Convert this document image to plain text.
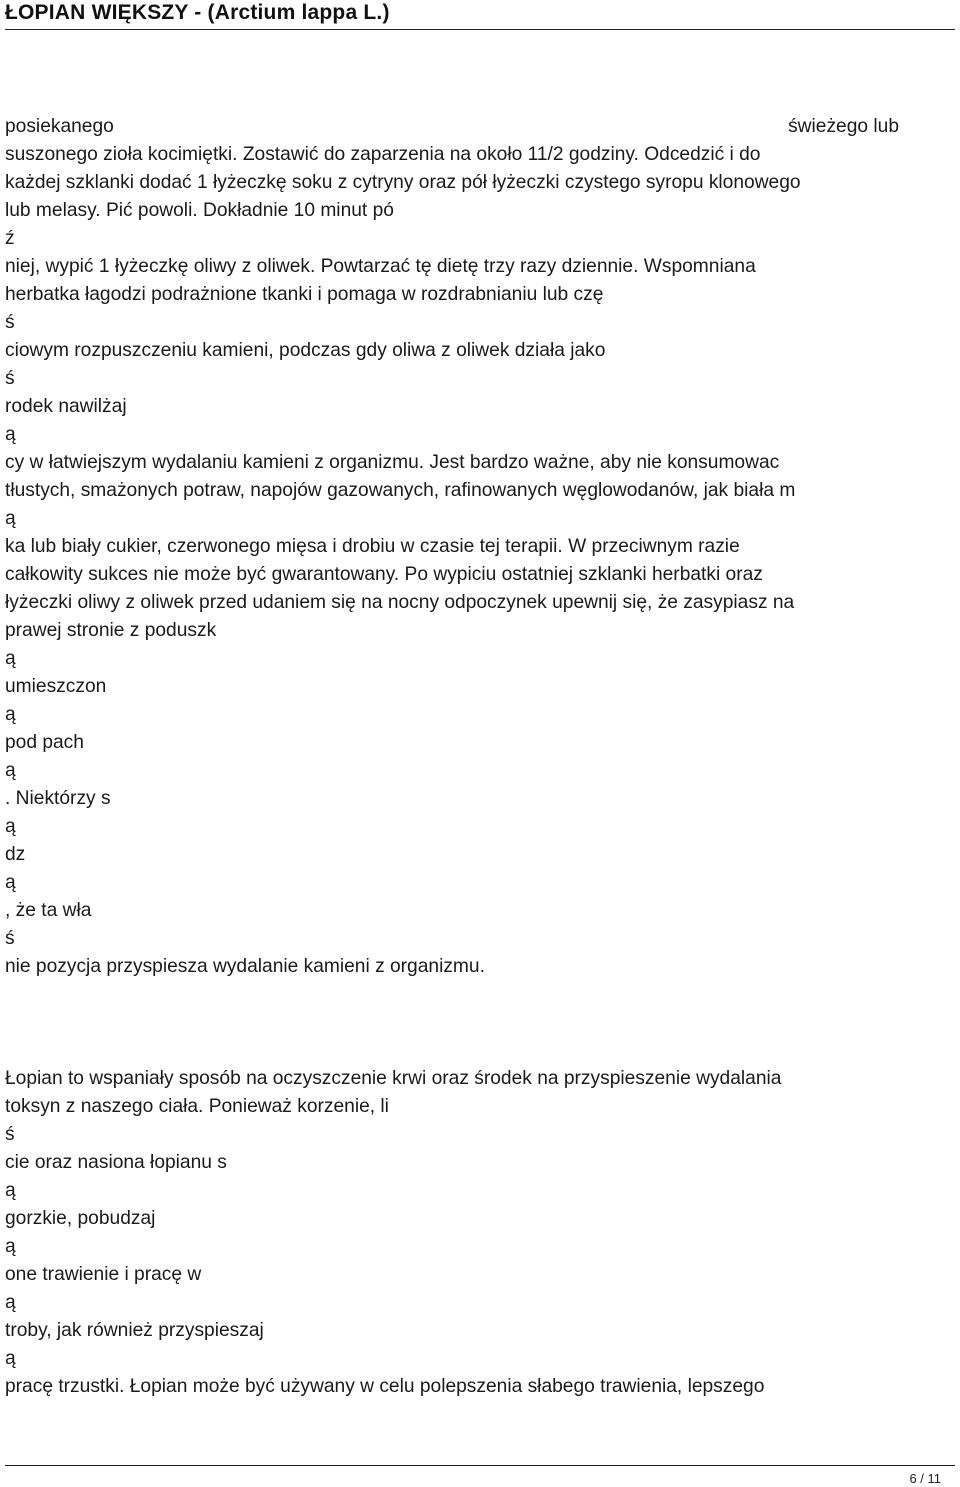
ŁOPIAN WIĘKSZY - (Arctium lappa L.)
posiekanego	świeżego lub
suszonego zioła kocimiętki. Zostawić do zaparzenia na około 11/2 godziny. Odcedzić i do
każdej szklanki dodać 1 łyżeczkę soku z cytryny oraz pół łyżeczki czystego syropu klonowego
lub melasy. Pić powoli. Dokładnie 10 minut pó
ź
niej, wypić 1 łyżeczkę oliwy z oliwek. Powtarzać tę dietę trzy razy dziennie. Wspomniana
herbatka łagodzi podrażnione tkanki i pomaga w rozdrabnianiu lub czę
ś
ciowym rozpuszczeniu kamieni, podczas gdy oliwa z oliwek działa jako
ś
rodek nawilżaj
ą
cy w łatwiejszym wydalaniu kamieni z organizmu. Jest bardzo ważne, aby nie konsumowac
tłustych, smażonych potraw, napojów gazowanych, rafinowanych węglowodanów, jak biała m
ą
ka lub biały cukier, czerwonego mięsa i drobiu w czasie tej terapii. W przeciwnym razie
całkowity sukces nie może być gwarantowany. Po wypiciu ostatniej szklanki herbatki oraz
łyżeczki oliwy z oliwek przed udaniem się na nocny odpoczynek upewnij się, że zasypiasz na
prawej stronie z poduszk
ą
umieszczon
ą
pod pach
ą
. Niektórzy s
ą
dz
ą
, że ta wła
ś
nie pozycja przyspiesza wydalanie kamieni z organizmu.
Łopian to wspaniały sposób na oczyszczenie krwi oraz środek na przyspieszenie wydalania
toksyn z naszego ciała. Ponieważ korzenie, li
ś
cie oraz nasiona łopianu s
ą
gorzkie, pobudzaj
ą
one trawienie i pracę w
ą
troby, jak również przyspieszaj
ą
pracę trzustki. Łopian może być używany w celu polepszenia słabego trawienia, lepszego
6 / 11
